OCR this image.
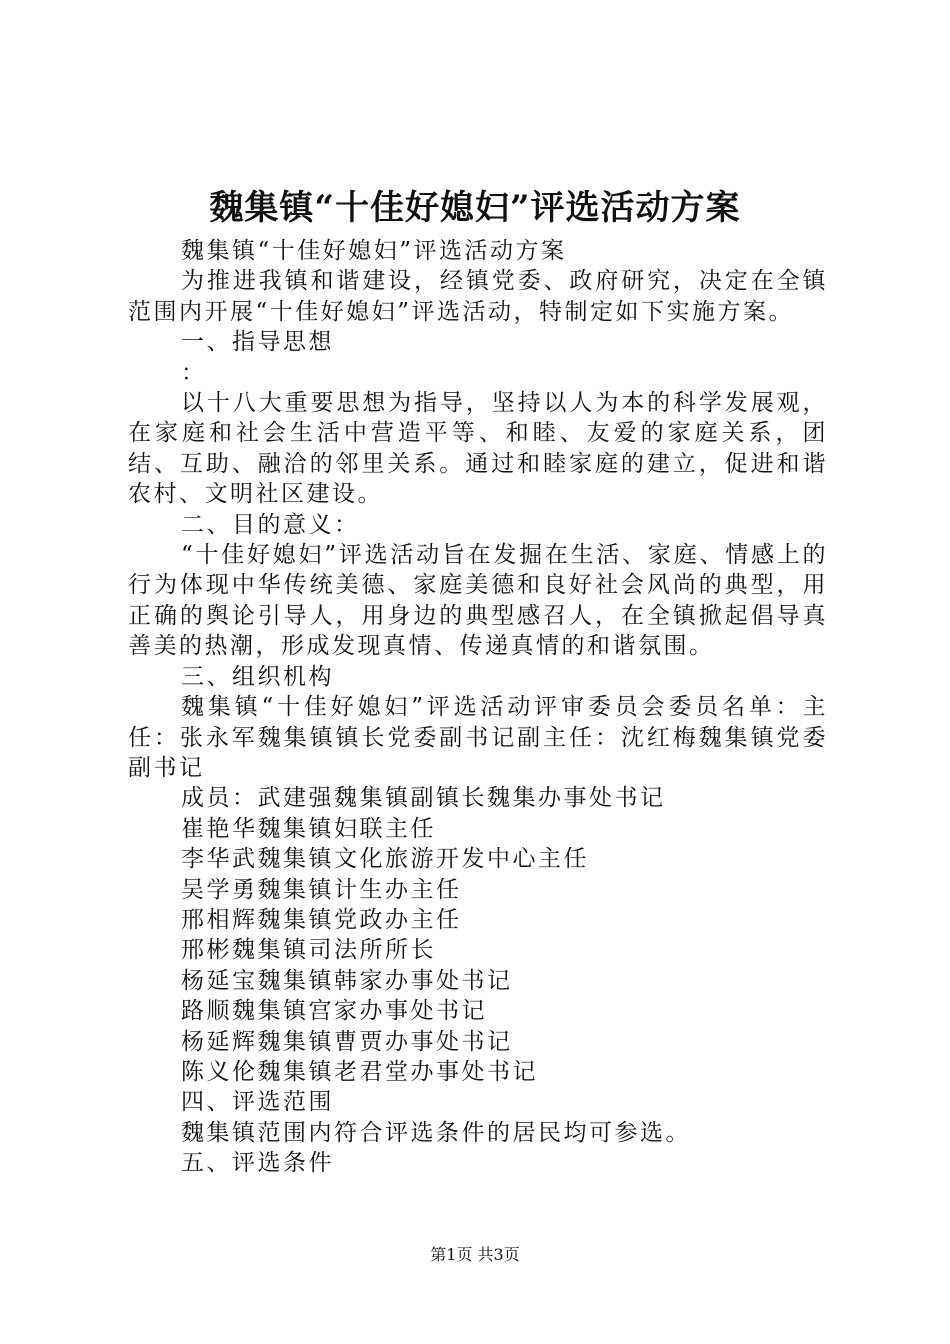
魏集镇“十佳好媳妇”评选活动方案

魏集镇“十佳好媳妇”评选活动方案

为推进我镇和谐建设，经镇党委、政府研究，决定在全镇范围内开展“十佳好媳妇”评选活动，特制定如下实施方案。

一、指导思想

：

以十八大重要思想为指导，坚持以人为本的科学发展观，在家庭和社会生活中营造平等、和睦、友爱的家庭关系，团结、互助、融洽的邻里关系。通过和睦家庭的建立，促进和谐农村、文明社区建设。

二、目的意义：

“十佳好媳妇”评选活动旨在发掘在生活、家庭、情感上的行为体现中华传统美德、家庭美德和良好社会风尚的典型，用正确的舆论引导人，用身边的典型感召人，在全镇掀起倡导真善美的热潮，形成发现真情、传递真情的和谐氛围。

三、组织机构

魏集镇“十佳好媳妇”评选活动评审委员会委员名单：主任：张永军魏集镇镇长党委副书记副主任：沈红梅魏集镇党委副书记

成员：武建强魏集镇副镇长魏集办事处书记

崔艳华魏集镇妇联主任

李华武魏集镇文化旅游开发中心主任

吴学勇魏集镇计生办主任

邢相辉魏集镇党政办主任

邢彬魏集镇司法所所长

杨延宝魏集镇韩家办事处书记

路顺魏集镇宫家办事处书记

杨延辉魏集镇曹贾办事处书记

陈义伦魏集镇老君堂办事处书记

四、评选范围

魏集镇范围内符合评选条件的居民均可参选。

五、评选条件

第1页 共3页
